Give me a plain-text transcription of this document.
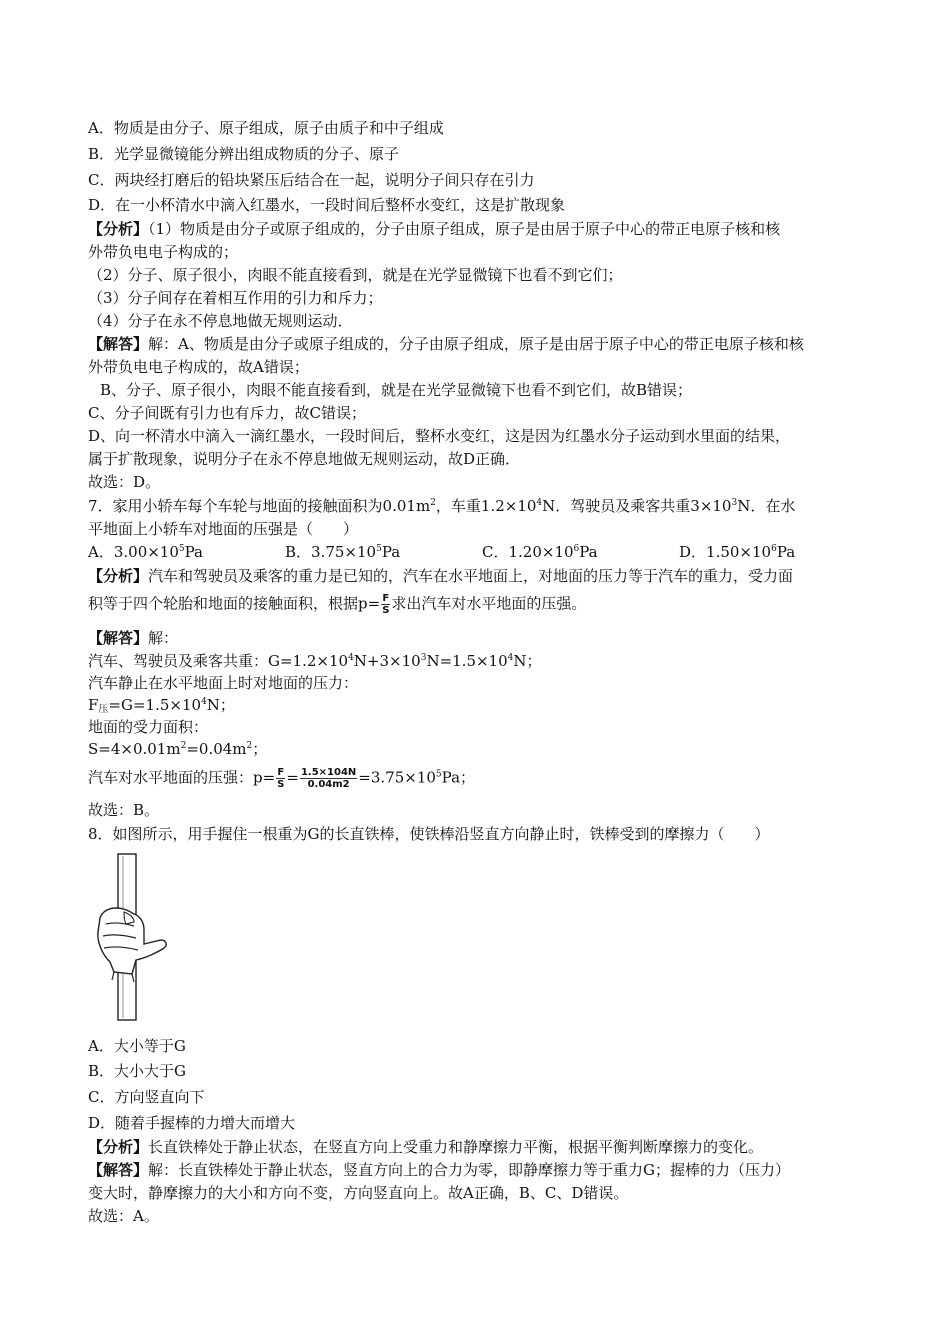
A．物质是由分子、原子组成，原子由质子和中子组成
B．光学显微镜能分辨出组成物质的分子、原子
C．两块经打磨后的铅块紧压后结合在一起，说明分子间只存在引力
D．在一小杯清水中滴入红墨水，一段时间后整杯水变红，这是扩散现象
【分析】（1）物质是由分子或原子组成的，分子由原子组成，原子是由居于原子中心的带正电原子核和核
外带负电电子构成的；
（2）分子、原子很小，肉眼不能直接看到，就是在光学显微镜下也看不到它们；
（3）分子间存在着相互作用的引力和斥力；
（4）分子在永不停息地做无规则运动．
【解答】解：A、物质是由分子或原子组成的，分子由原子组成，原子是由居于原子中心的带正电原子核和核
外带负电电子构成的，故A错误；
B、分子、原子很小，肉眼不能直接看到，就是在光学显微镜下也看不到它们，故B错误；
C、分子间既有引力也有斥力，故C错误；
D、向一杯清水中滴入一滴红墨水，一段时间后，整杯水变红，这是因为红墨水分子运动到水里面的结果，
属于扩散现象，说明分子在永不停息地做无规则运动，故D正确．
故选：D。
7．家用小轿车每个车轮与地面的接触面积为$0.01m^2$，车重$1.2\times 10^4N$．驾驶员及乘客共重$3\times 10^3N$．在水
平地面上小轿车对地面的压强是（　　）
A．$3.00\times 10^5Pa$	B．$3.75\times 10^5Pa$	C．$1.20\times 10^6Pa$	D．$1.50\times 10^6Pa$
【分析】汽车和驾驶员及乘客的重力是已知的，汽车在水平地面上，对地面的压力等于汽车的重力，受力面
积等于四个轮胎和地面的接触面积，根据$p= \frac{F}{S}$ 求出汽车对水平地面的压强。
【解答】解：
汽车、驾驶员及乘客共重：$G=1.2\times 10^4N+3\times 10^3N=1.5\times 10^4N$；
汽车静止在水平地面上时对地面的压力：
$F_压=G=1.5\times 10^4N$；
地面的受力面积：
$S=4\times 0.01m^2=0.04m^2$；
汽车对水平地面的压强：$p= \frac{F}{S} = \frac{1.5\times 104N}{0.04m2} =3.75\times 10^5Pa$；
故选：B。
8．如图所示，用手握住一根重为G的长直铁棒，使铁棒沿竖直方向静止时，铁棒受到的摩擦力（　　）
A．大小等于G
B．大小大于G
C．方向竖直向下
D．随着手握棒的力增大而增大
【分析】长直铁棒处于静止状态，在竖直方向上受重力和静摩擦力平衡，根据平衡判断摩擦力的变化。
【解答】解：长直铁棒处于静止状态，竖直方向上的合力为零，即静摩擦力等于重力G；握棒的力（压力）
变大时，静摩擦力的大小和方向不变，方向竖直向上。故A正确，B、C、D错误。
故选：A。
